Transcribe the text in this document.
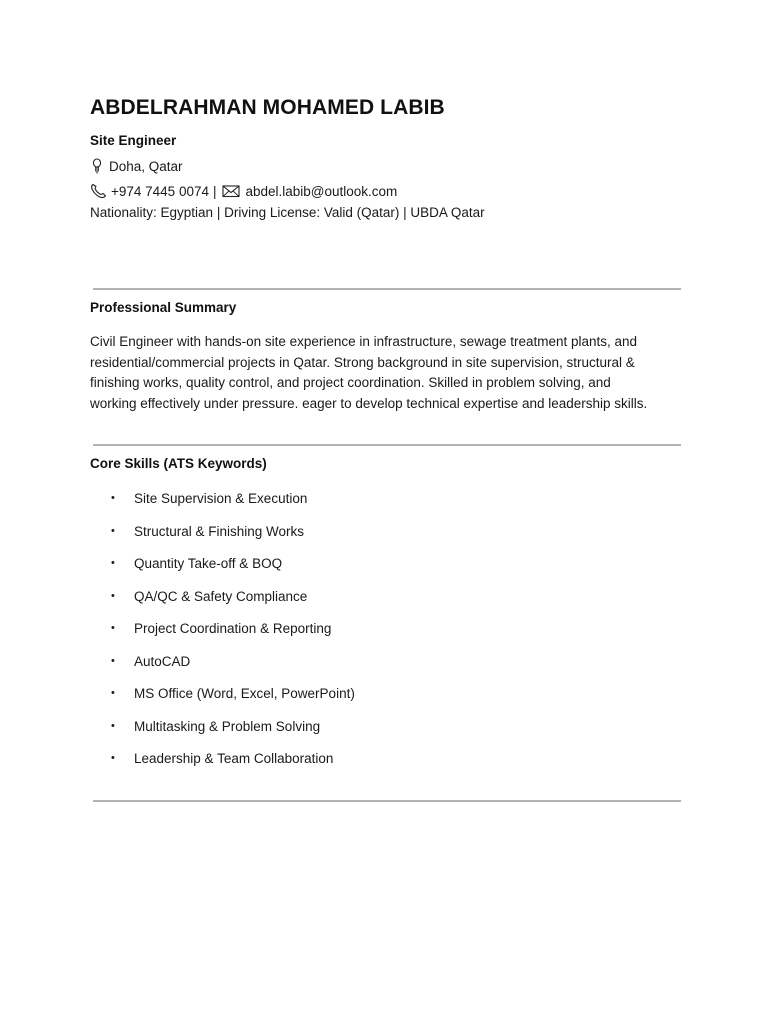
ABDELRAHMAN MOHAMED LABIB
Site Engineer
Doha, Qatar
+974 7445 0074 | abdel.labib@outlook.com
Nationality: Egyptian | Driving License: Valid (Qatar) | UBDA Qatar
Professional Summary
Civil Engineer with hands-on site experience in infrastructure, sewage treatment plants, and
residential/commercial projects in Qatar. Strong background in site supervision, structural &
finishing works, quality control, and project coordination. Skilled in problem solving, and
working effectively under pressure. eager to develop technical expertise and leadership skills.
Core Skills (ATS Keywords)
• Site Supervision & Execution
• Structural & Finishing Works
• Quantity Take-off & BOQ
• QA/QC & Safety Compliance
• Project Coordination & Reporting
• AutoCAD
• MS Office (Word, Excel, PowerPoint)
• Multitasking & Problem Solving
• Leadership & Team Collaboration
